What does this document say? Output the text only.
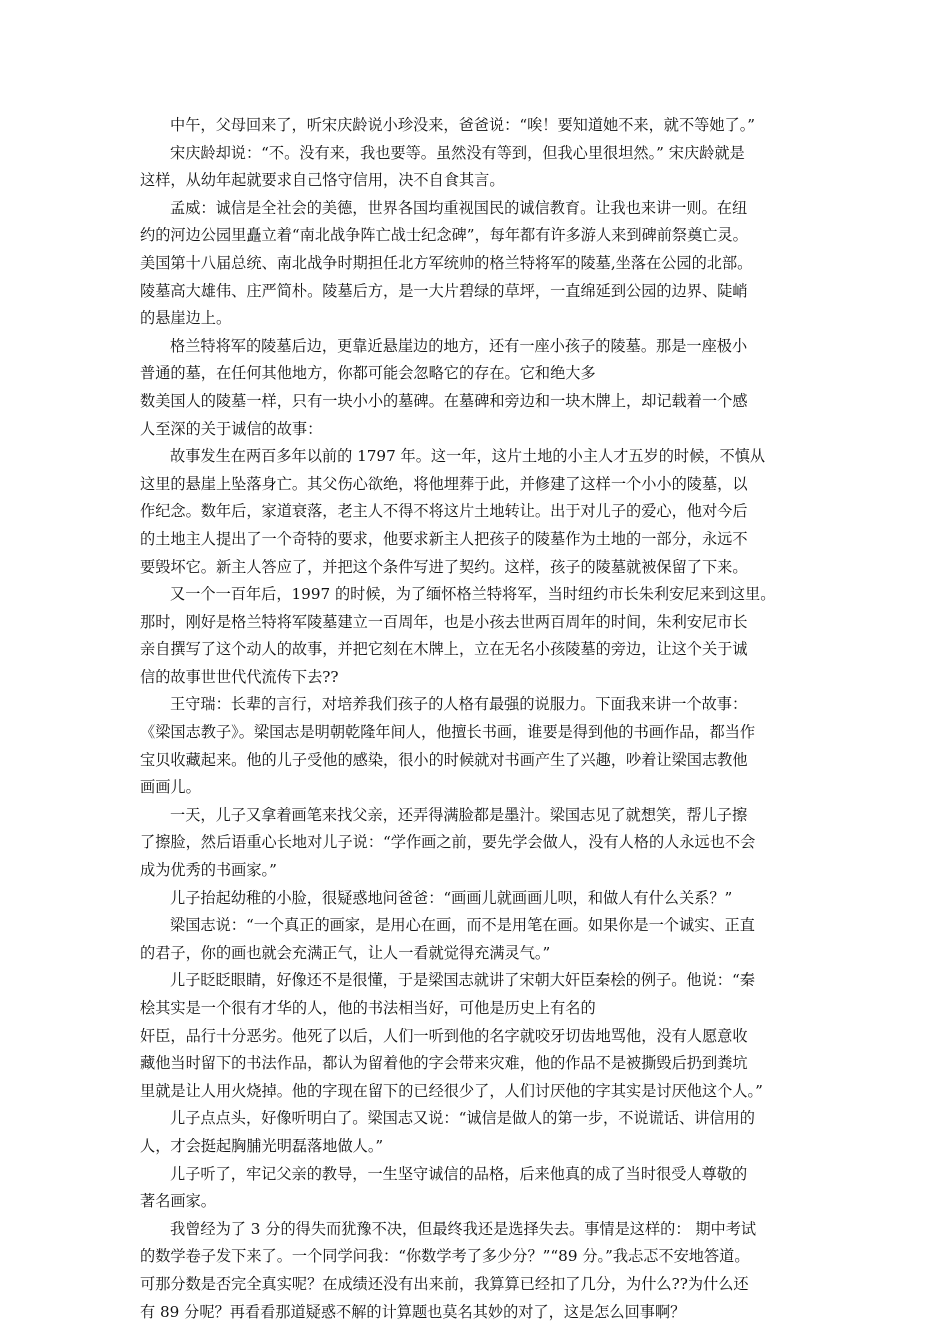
中午，父母回来了，听宋庆龄说小珍没来，爸爸说：“唉！要知道她不来，就不等她了。”
宋庆龄却说：“不。没有来，我也要等。虽然没有等到，但我心里很坦然。” 宋庆龄就是
这样，从幼年起就要求自己恪守信用，决不自食其言。
孟威：诚信是全社会的美德，世界各国均重视国民的诚信教育。让我也来讲一则。在纽
约的河边公园里矗立着“南北战争阵亡战士纪念碑”，每年都有许多游人来到碑前祭奠亡灵。
美国第十八届总统、南北战争时期担任北方军统帅的格兰特将军的陵墓,坐落在公园的北部。
陵墓高大雄伟、庄严简朴。陵墓后方，是一大片碧绿的草坪，一直绵延到公园的边界、陡峭
的悬崖边上。
格兰特将军的陵墓后边，更靠近悬崖边的地方，还有一座小孩子的陵墓。那是一座极小
普通的墓，在任何其他地方，你都可能会忽略它的存在。它和绝大多
数美国人的陵墓一样，只有一块小小的墓碑。在墓碑和旁边和一块木牌上，却记载着一个感
人至深的关于诚信的故事：
故事发生在两百多年以前的 1797 年。这一年，这片土地的小主人才五岁的时候，不慎从
这里的悬崖上坠落身亡。其父伤心欲绝，将他埋葬于此，并修建了这样一个小小的陵墓，以
作纪念。数年后，家道衰落，老主人不得不将这片土地转让。出于对儿子的爱心，他对今后
的土地主人提出了一个奇特的要求，他要求新主人把孩子的陵墓作为土地的一部分，永远不
要毁坏它。新主人答应了，并把这个条件写进了契约。这样，孩子的陵墓就被保留了下来。
又一个一百年后，1997 的时候，为了缅怀格兰特将军，当时纽约市长朱利安尼来到这里。
那时，刚好是格兰特将军陵墓建立一百周年，也是小孩去世两百周年的时间，朱利安尼市长
亲自撰写了这个动人的故事，并把它刻在木牌上，立在无名小孩陵墓的旁边，让这个关于诚
信的故事世世代代流传下去??
王守瑞：长辈的言行，对培养我们孩子的人格有最强的说服力。下面我来讲一个故事：
《梁国志教子》。梁国志是明朝乾隆年间人，他擅长书画，谁要是得到他的书画作品，都当作
宝贝收藏起来。他的儿子受他的感染，很小的时候就对书画产生了兴趣，吵着让梁国志教他
画画儿。
一天，儿子又拿着画笔来找父亲，还弄得满脸都是墨汁。梁国志见了就想笑，帮儿子擦
了擦脸，然后语重心长地对儿子说：“学作画之前，要先学会做人，没有人格的人永远也不会
成为优秀的书画家。”
儿子抬起幼稚的小脸，很疑惑地问爸爸：“画画儿就画画儿呗，和做人有什么关系？”
梁国志说：“一个真正的画家，是用心在画，而不是用笔在画。如果你是一个诚实、正直
的君子，你的画也就会充满正气，让人一看就觉得充满灵气。”
儿子眨眨眼睛，好像还不是很懂，于是梁国志就讲了宋朝大奸臣秦桧的例子。他说：“秦
桧其实是一个很有才华的人，他的书法相当好，可他是历史上有名的
奸臣，品行十分恶劣。他死了以后，人们一听到他的名字就咬牙切齿地骂他，没有人愿意收
藏他当时留下的书法作品，都认为留着他的字会带来灾难，他的作品不是被撕毁后扔到粪坑
里就是让人用火烧掉。他的字现在留下的已经很少了，人们讨厌他的字其实是讨厌他这个人。”
儿子点点头，好像听明白了。梁国志又说：“诚信是做人的第一步，不说谎话、讲信用的
人，才会挺起胸脯光明磊落地做人。”
儿子听了，牢记父亲的教导，一生坚守诚信的品格，后来他真的成了当时很受人尊敬的
著名画家。
我曾经为了 3 分的得失而犹豫不决，但最终我还是选择失去。事情是这样的： 期中考试
的数学卷子发下来了。一个同学问我：“你数学考了多少分？”“89 分。”我忐忑不安地答道。
可那分数是否完全真实呢？在成绩还没有出来前，我算算已经扣了几分，为什么??为什么还
有 89 分呢？再看看那道疑惑不解的计算题也莫名其妙的对了，这是怎么回事啊？
